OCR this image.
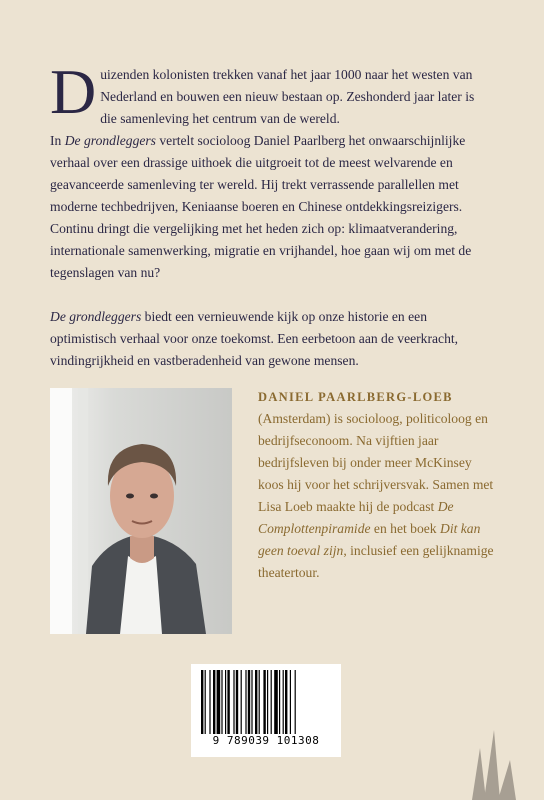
Duizenden kolonisten trekken vanaf het jaar 1000 naar het westen van Nederland en bouwen een nieuw bestaan op. Zeshonderd jaar later is die samenleving het centrum van de wereld.

In De grondleggers vertelt socioloog Daniel Paarlberg het onwaarschijnlijke verhaal over een drassige uithoek die uitgroeit tot de meest welvarende en geavanceerde samenleving ter wereld. Hij trekt verrassende parallellen met moderne techbedrijven, Keniaanse boeren en Chinese ontdekkingsreizigers. Continu dringt die vergelijking met het heden zich op: klimaatverandering, internationale samenwerking, migratie en vrijhandel, hoe gaan wij om met de tegenslagen van nu?

De grondleggers biedt een vernieuwende kijk op onze historie en een optimistisch verhaal voor onze toekomst. Een eerbetoon aan de veerkracht, vindingrijkheid en vastberadenheid van gewone mensen.

DANIEL PAARLBERG-LOEB
(Amsterdam) is socioloog, politicoloog en bedrijfseconoom. Na vijftien jaar bedrijfsleven bij onder meer McKinsey koos hij voor het schrijversvak. Samen met Lisa Loeb maakte hij de podcast De Complottenpiramide en het boek Dit kan geen toeval zijn, inclusief een gelijknamige theatertour.
9 789039 101308
